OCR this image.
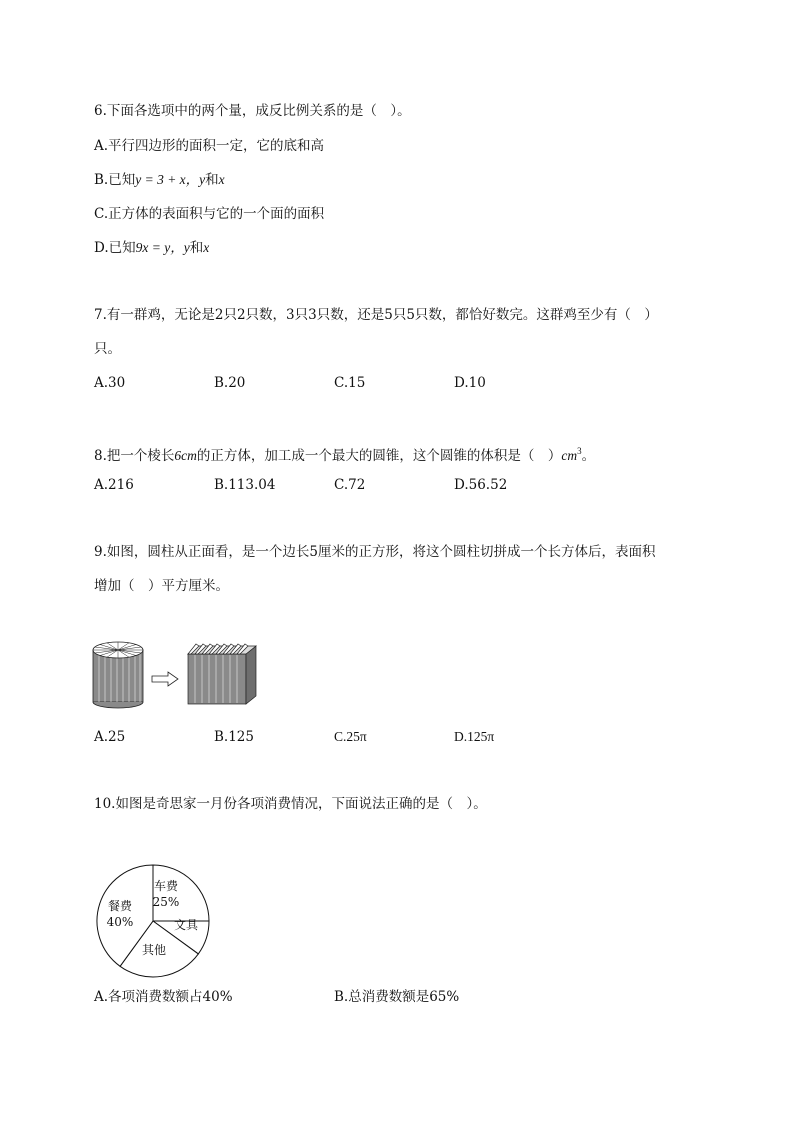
6.下面各选项中的两个量，成反比例关系的是（　）。
A.平行四边形的面积一定，它的底和高
B.已知y = 3 + x，y和x
C.正方体的表面积与它的一个面的面积
D.已知9x = y，y和x
7.有一群鸡，无论是2只2只数，3只3只数，还是5只5只数，都恰好数完。这群鸡至少有（　）
只。
A.30	B.20	C.15	D.10
8.把一个棱长6cm的正方体，加工成一个最大的圆锥，这个圆锥的体积是（　）$cm^3$。
A.216	B.113.04	C.72	D.56.52
9.如图，圆柱从正面看，是一个边长5厘米的正方形，将这个圆柱切拼成一个长方体后，表面积
增加（　）平方厘米。
A.25	B.125	C.25π	D.125π
10.如图是奇思家一月份各项消费情况，下面说法正确的是（　）。
车费
25%
文具
其他
餐费
40%
A.各项消费数额占40%	B.总消费数额是65%
